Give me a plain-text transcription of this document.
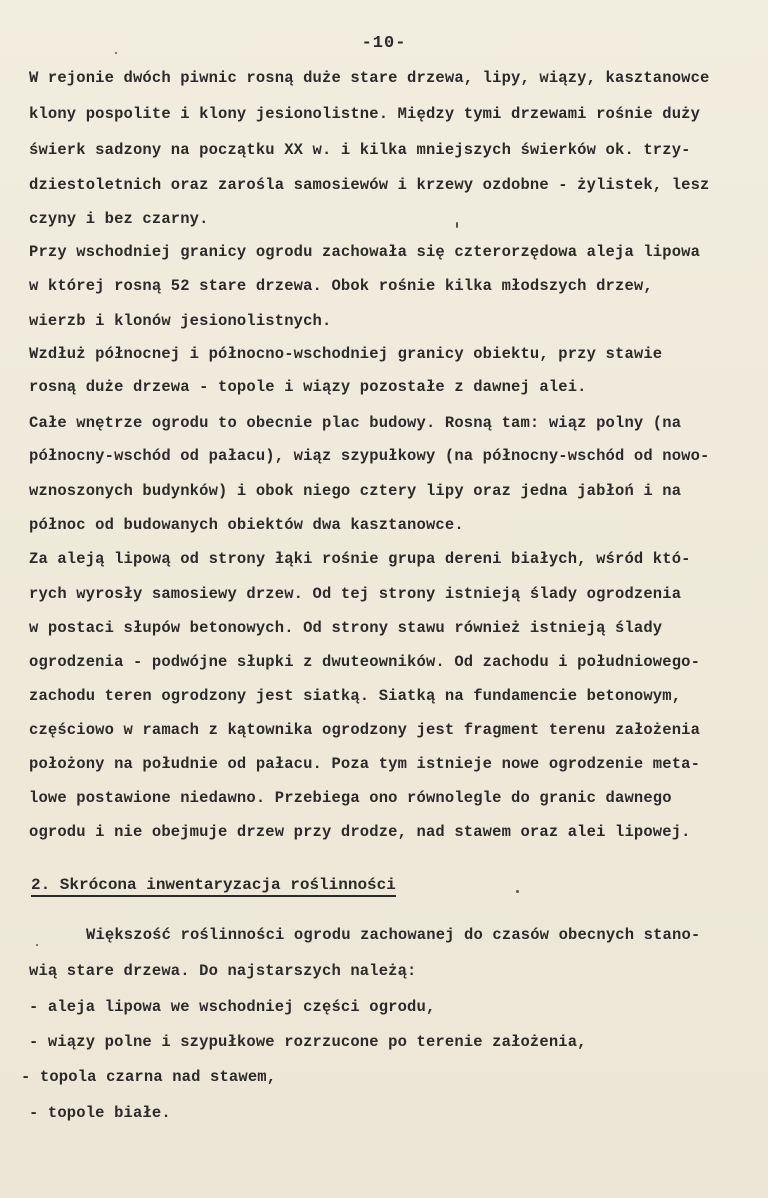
-10-
W rejonie dwóch piwnic rosną duże stare drzewa, lipy, wiązy, kasztanowce
klony pospolite i klony jesionolistne. Między tymi drzewami rośnie duży
świerk sadzony na początku XX w. i kilka mniejszych świerków ok. trzy-
dziestoletnich oraz zarośla samosiewów i krzewy ozdobne - żylistek, lesz
czyny i bez czarny.
Przy wschodniej granicy ogrodu zachowała się czterorzędowa aleja lipowa
w której rosną 52 stare drzewa. Obok rośnie kilka młodszych drzew,
wierzb i klonów jesionolistnych.
Wzdłuż północnej i północno-wschodniej granicy obiektu, przy stawie
rosną duże drzewa - topole i wiązy pozostałe z dawnej alei.
Całe wnętrze ogrodu to obecnie plac budowy. Rosną tam: wiąz polny (na
północny-wschód od pałacu), wiąz szypułkowy (na północny-wschód od nowo-
wznoszonych budynków) i obok niego cztery lipy oraz jedna jabłoń i na
północ od budowanych obiektów dwa kasztanowce.
Za aleją lipową od strony łąki rośnie grupa dereni białych, wśród któ-
rych wyrosły samosiewy drzew. Od tej strony istnieją ślady ogrodzenia
w postaci słupów betonowych. Od strony stawu również istnieją ślady
ogrodzenia - podwójne słupki z dwuteowników. Od zachodu i południowego-
zachodu teren ogrodzony jest siatką. Siatką na fundamencie betonowym,
częściowo w ramach z kątownika ogrodzony jest fragment terenu założenia
położony na południe od pałacu. Poza tym istnieje nowe ogrodzenie meta-
lowe postawione niedawno. Przebiega ono równolegle do granic dawnego
ogrodu i nie obejmuje drzew przy drodze, nad stawem oraz alei lipowej.
2. Skrócona inwentaryzacja roślinności
Większość roślinności ogrodu zachowanej do czasów obecnych stano-
wią stare drzewa. Do najstarszych należą:
- aleja lipowa we wschodniej części ogrodu,
- wiązy polne i szypułkowe rozrzucone po terenie założenia,
- topola czarna nad stawem,
- topole białe.
